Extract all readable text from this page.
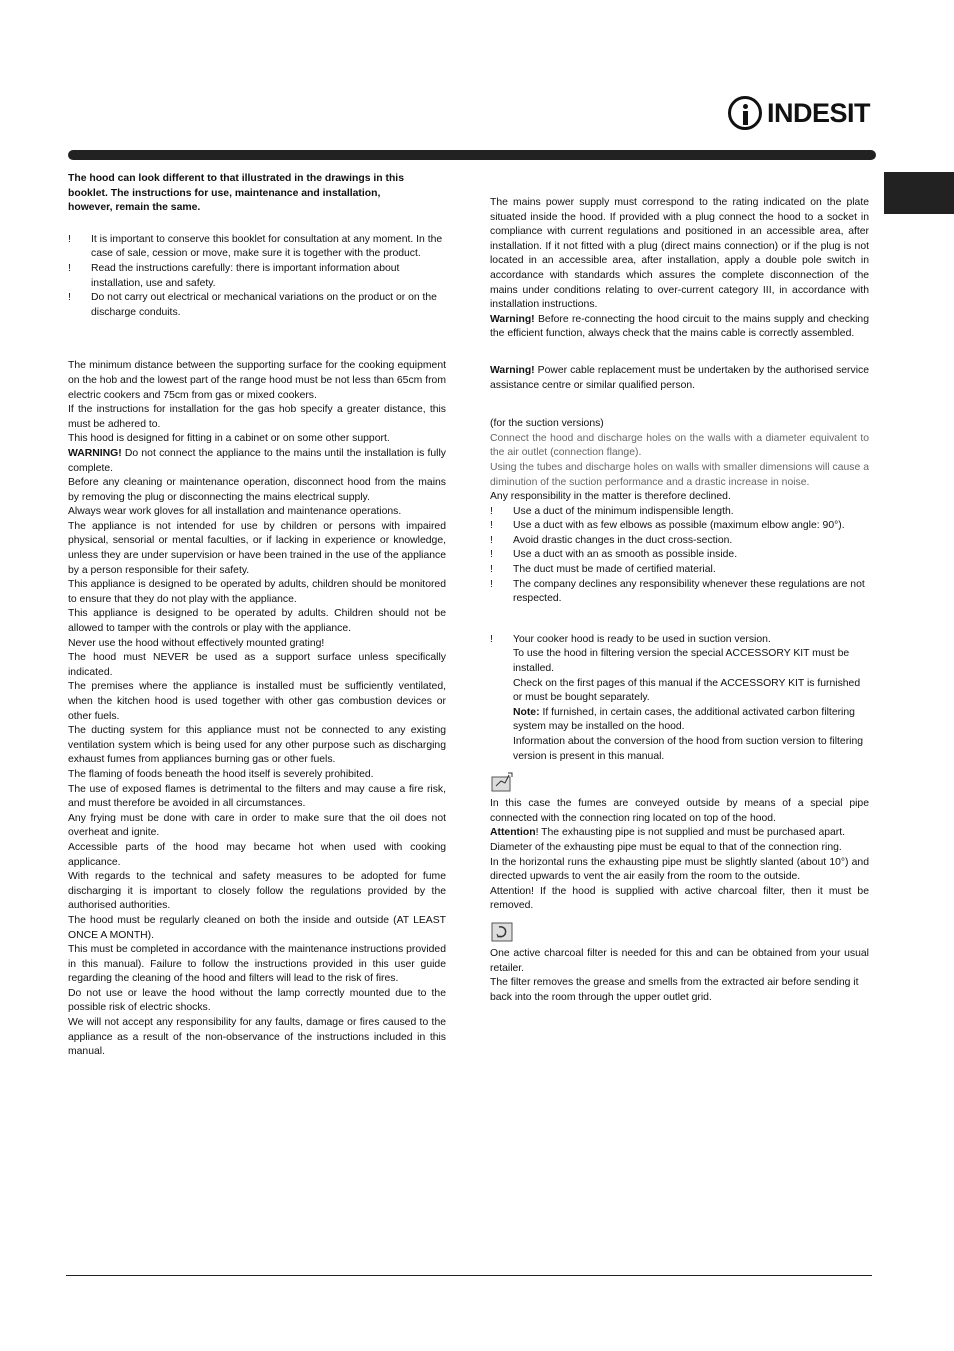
INDESIT

The hood can look different to that illustrated in the drawings in this booklet. The instructions for use, maintenance and installation, however, remain the same.

!	It is important to conserve this booklet for consultation at any moment. In the case of sale, cession or move, make sure it is together with the product.
!	Read the instructions carefully: there is important information about installation, use and safety.
!	Do not carry out electrical or mechanical variations on the product or on the discharge conduits.

The minimum distance between the supporting surface for the cooking equipment on the hob and the lowest part of the range hood must be not less than 65cm from electric cookers and 75cm from gas or mixed cookers.

If the instructions for installation for the gas hob specify a greater distance, this must be adhered to.

This hood is designed for fitting in a cabinet or on some other support.

WARNING! Do not connect the appliance to the mains until the installation is fully complete.

Before any cleaning or maintenance operation, disconnect hood from the mains by removing the plug or disconnecting the mains electrical supply.

Always wear work gloves for all installation and maintenance operations.

The appliance is not intended for use by children or persons with impaired physical, sensorial or mental faculties, or if lacking in experience or knowledge, unless they are under supervision or have been trained in the use of the appliance by a person responsible for their safety.

This appliance is designed to be operated by adults, children should be monitored to ensure that they do not play with the appliance.

This appliance is designed to be operated by adults. Children should not be allowed to tamper with the controls or play with the appliance.

Never use the hood without effectively mounted grating!

The hood must NEVER be used as a support surface unless specifically indicated.

The premises where the appliance is installed must be sufficiently ventilated, when the kitchen hood is used together with other gas combustion devices or other fuels.

The ducting system for this appliance must not be connected to any existing ventilation system which is being used for any other purpose such as discharging exhaust fumes from appliances burning gas or other fuels.

The flaming of foods beneath the hood itself is severely prohibited.

The use of exposed flames is detrimental to the filters and may cause a fire risk, and must therefore be avoided in all circumstances.

Any frying must be done with care in order to make sure that the oil does not overheat and ignite.

Accessible parts of the hood may became hot when used with cooking applicance.

With regards to the technical and safety measures to be adopted for fume discharging it is important to closely follow the regulations provided by the authorised authorities.

The hood must be regularly cleaned on both the inside and outside (AT LEAST ONCE A MONTH).

This must be completed in accordance with the maintenance instructions provided in this manual). Failure to follow the instructions provided in this user guide regarding the cleaning of the hood and filters will lead to the risk of fires.

Do not use or leave the hood without the lamp correctly mounted due to the possible risk of electric shocks.

We will not accept any responsibility for any faults, damage or fires caused to the appliance as a result of the non-observance of the instructions included in this manual.

The mains power supply must correspond to the rating indicated on the plate situated inside the hood. If provided with a plug connect the hood to a socket in compliance with current regulations and positioned in an accessible area, after installation. If it not fitted with a plug (direct mains connection) or if the plug is not located in an accessible area, after installation, apply a double pole switch in accordance with standards which assures the complete disconnection of the mains under conditions relating to over-current category III, in accordance with installation instructions.

Warning! Before re-connecting the hood circuit to the mains supply and checking the efficient function, always check that the mains cable is correctly assembled.

Warning! Power cable replacement must be undertaken by the authorised service assistance centre or similar qualified person.

(for the suction versions)

Connect the hood and discharge holes on the walls with a diameter equivalent to the air outlet (connection flange).

Using the tubes and discharge holes on walls with smaller dimensions will cause a diminution of the suction performance and a drastic increase in noise.

Any responsibility in the matter is therefore declined.

!	Use a duct of the minimum indispensible length.
!	Use a duct with as few elbows as possible (maximum elbow angle: 90°).
!	Avoid drastic changes in the duct cross-section.
!	Use a duct with an as smooth as possible inside.
!	The duct must be made of certified material.
!	The company declines any responsibility whenever these regulations are not respected.
!	Your cooker hood is ready to be used in suction version.
To use the hood in filtering version the special ACCESSORY KIT must be installed.
Check on the first pages of this manual if the ACCESSORY KIT is furnished or must be bought separately.
Note: If furnished, in certain cases, the additional activated carbon filtering system may be installed on the hood.
Information about the conversion of the hood from suction version to filtering version is present in this manual.

In this case the fumes are conveyed outside by means of a special pipe connected with the connection ring located on top of the hood.

Attention! The exhausting pipe is not supplied and must be purchased apart.

Diameter of the exhausting pipe must be equal to that of the connection ring.

In the horizontal runs the exhausting pipe must be slightly slanted (about 10°) and directed upwards to vent the air easily from the room to the outside.

Attention! If the hood is supplied with active charcoal filter, then it must be removed.

One active charcoal filter is needed for this and can be obtained from your usual retailer.

The filter removes the grease and smells from the extracted air before sending it back into the room through the upper outlet grid.
